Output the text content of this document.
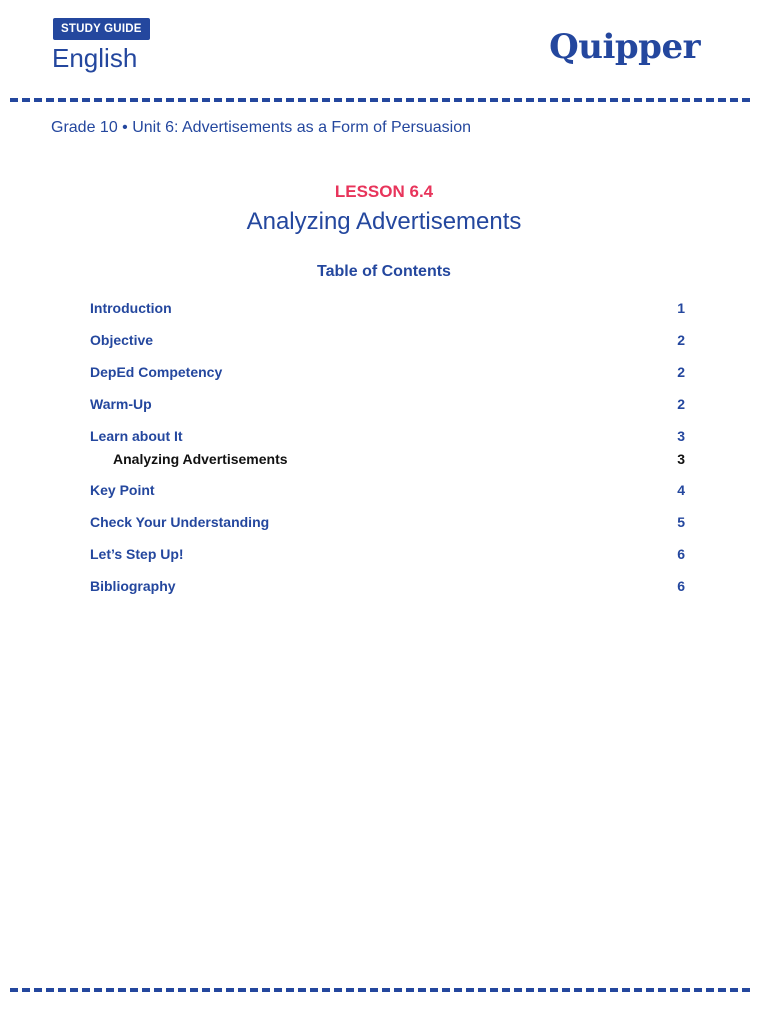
STUDY GUIDE
English	Quipper
Grade 10 • Unit 6: Advertisements as a Form of Persuasion
LESSON 6.4
Analyzing Advertisements
Table of Contents
Introduction	1
Objective	2
DepEd Competency	2
Warm-Up	2
Learn about It	3
Analyzing Advertisements	3
Key Point	4
Check Your Understanding	5
Let’s Step Up!	6
Bibliography	6
